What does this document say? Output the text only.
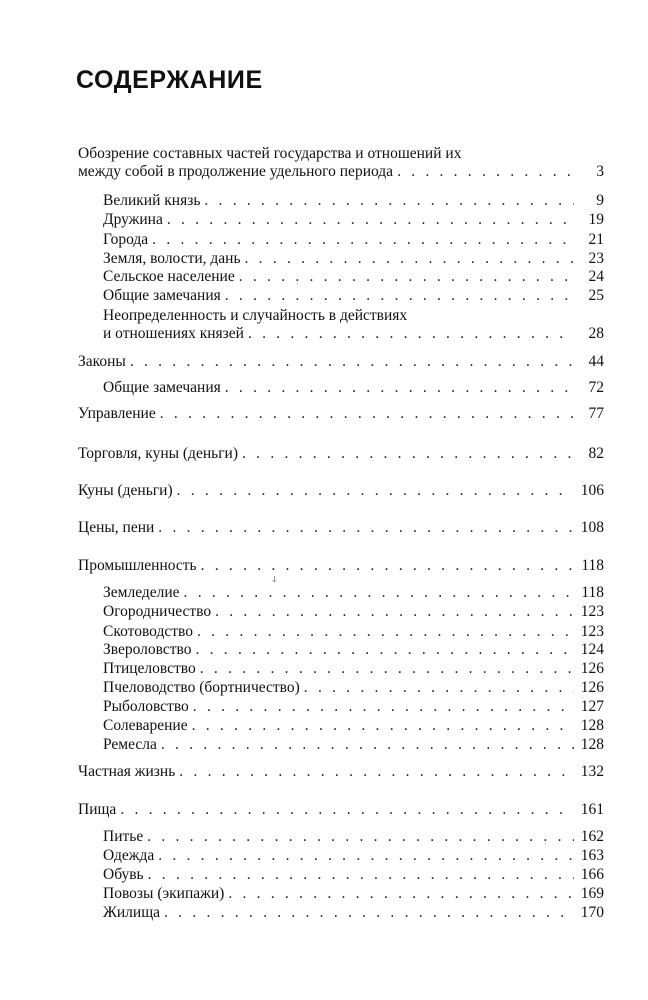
СОДЕРЖАНИЕ
Обозрение составных частей государства и отношений их
между собой в продолжение удельного периода . . .	3
Великий князь . . .	9
Дружина . . .	19
Города . . .	21
Земля, волости, дань . . .	23
Сельское население . . .	24
Общие замечания . . .	25
Неопределенность и случайность в действиях
и отношениях князей . . .	28
Законы . . .	44
Общие замечания . . .	72
Управление . . .	77
Торговля, куны (деньги) . . .	82
Куны (деньги) . . .	106
Цены, пени . . .	108
Промышленность . . .	118
Земледелие . . .	118
Огородничество . . .	123
Скотоводство . . .	123
Звероловство . . .	124
Птицеловство . . .	126
Пчеловодство (бортничество) . . .	126
Рыболовство . . .	127
Солеварение . . .	128
Ремесла . . .	128
Частная жизнь . . .	132
Пища . . .	161
Питье . . .	162
Одежда . . .	163
Обувь . . .	166
Повозы (экипажи) . . .	169
Жилища . . .	170
ↆ
